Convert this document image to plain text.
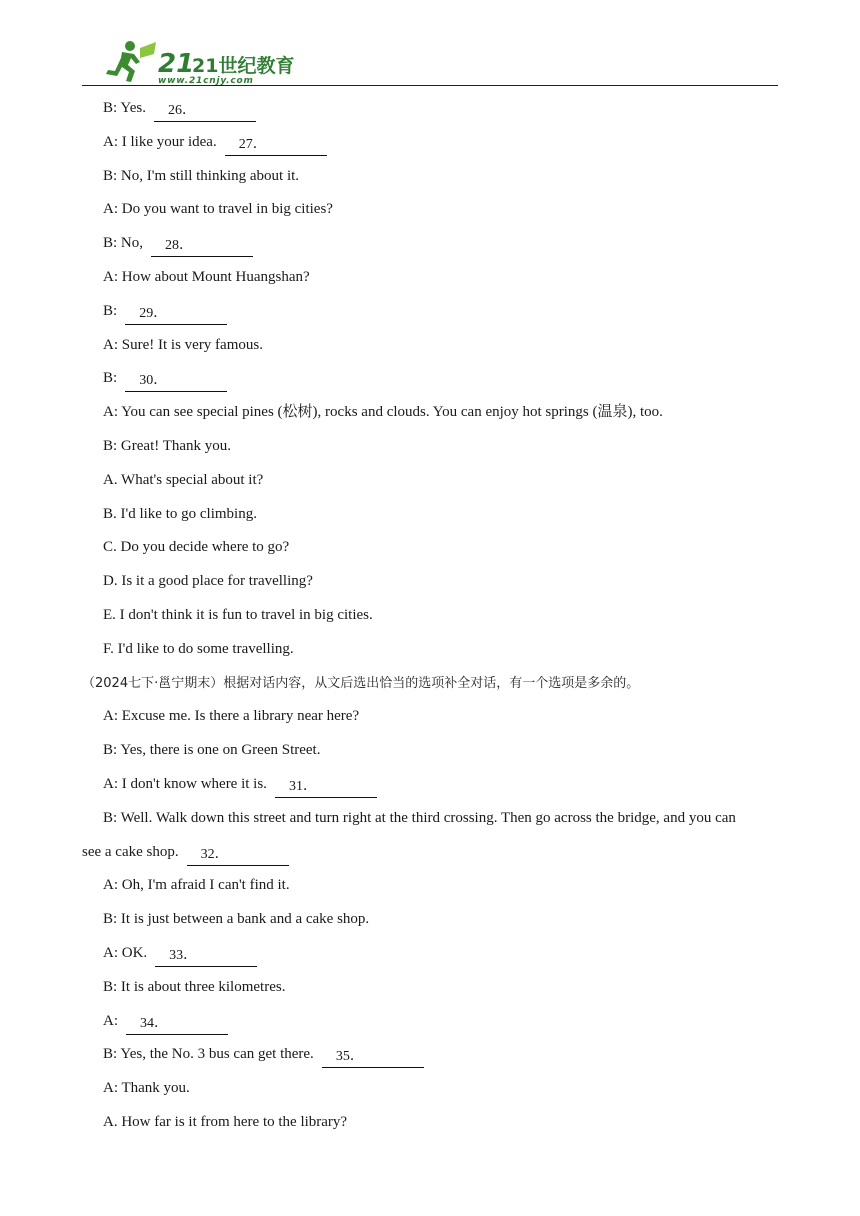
21
21世纪教育
www.21cnjy.com
B: Yes. 26．
A: I like your idea. 27．
B: No, I'm still thinking about it.
A: Do you want to travel in big cities?
B: No, 28．
A: How about Mount Huangshan?
B: 29．
A: Sure! It is very famous.
B: 30．
A: You can see special pines (松树), rocks and clouds. You can enjoy hot springs (温泉), too.
B: Great! Thank you.
A. What's special about it?
B. I'd like to go climbing.
C. Do you decide where to go?
D. Is it a good place for travelling?
E. I don't think it is fun to travel in big cities.
F. I'd like to do some travelling.
（2024七下·邕宁期末）根据对话内容，从文后选出恰当的选项补全对话，有一个选项是多余的。
A: Excuse me. Is there a library near here?
B: Yes, there is one on Green Street.
A: I don't know where it is. 31．
B: Well. Walk down this street and turn right at the third crossing. Then go across the bridge, and you can
see a cake shop. 32．
A: Oh, I'm afraid I can't find it.
B: It is just between a bank and a cake shop.
A: OK. 33．
B: It is about three kilometres.
A: 34．
B: Yes, the No. 3 bus can get there. 35．
A: Thank you.
A. How far is it from here to the library?
